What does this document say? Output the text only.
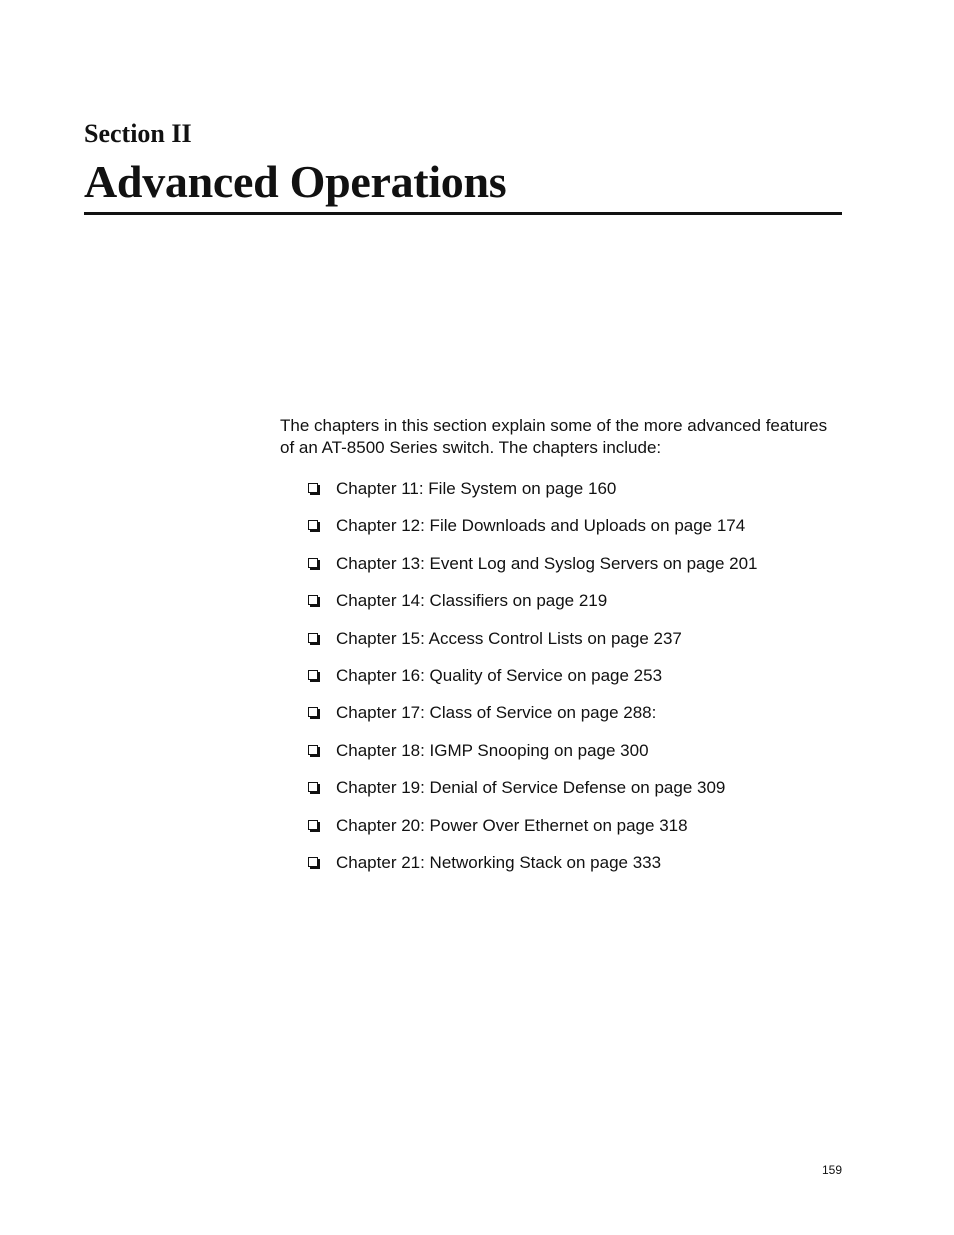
Section II
Advanced Operations

The chapters in this section explain some of the more advanced features of an AT-8500 Series switch. The chapters include:

Chapter 11: File System on page 160
Chapter 12: File Downloads and Uploads on page 174
Chapter 13: Event Log and Syslog Servers on page 201
Chapter 14: Classifiers on page 219
Chapter 15: Access Control Lists on page 237
Chapter 16: Quality of Service on page 253
Chapter 17: Class of Service on page 288:
Chapter 18: IGMP Snooping on page 300
Chapter 19: Denial of Service Defense on page 309
Chapter 20: Power Over Ethernet on page 318
Chapter 21: Networking Stack on page 333

159
